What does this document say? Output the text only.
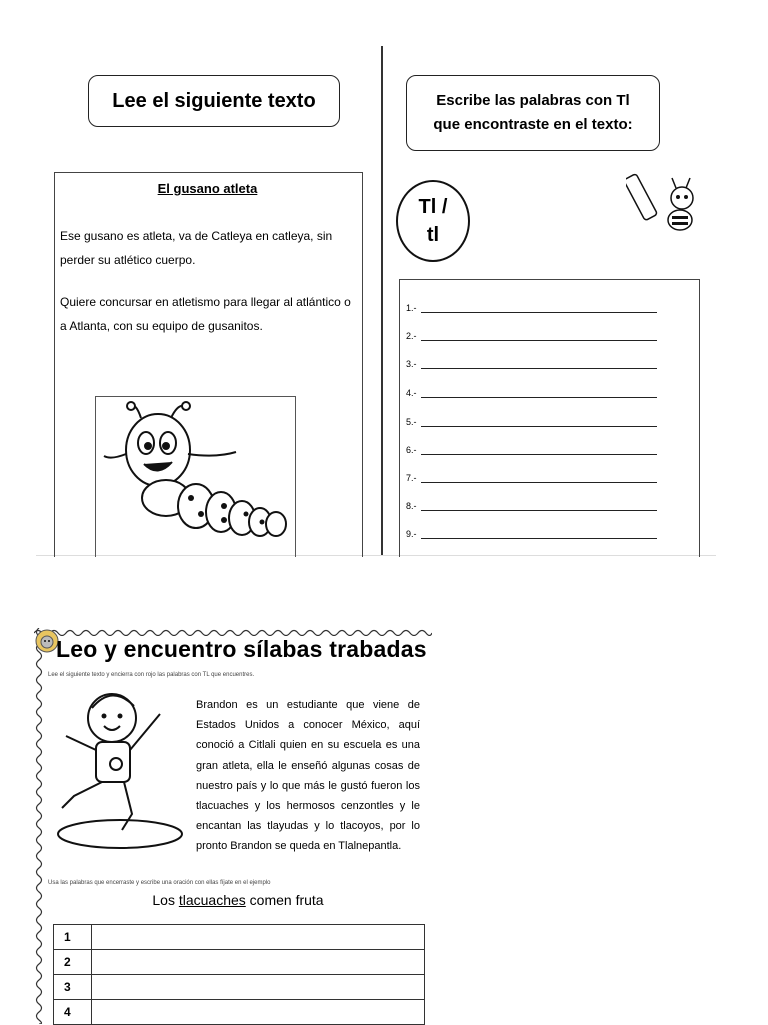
Lee el siguiente texto
El gusano atleta
Ese gusano es atleta, va de Catleya en catleya, sin perder su atlético cuerpo.
Quiere concursar en atletismo para llegar al atlántico o a Atlanta, con su equipo de gusanitos.
Escribe las palabras con Tl que encontraste en el texto:
Tl /
tl
1.-
2.-
3.-
4.-
5.-
6.-
7.-
8.-
9.-
Leo y encuentro sílabas trabadas
Lee el siguiente texto y encierra con rojo las palabras con TL que encuentres.
Brandon es un estudiante que viene de Estados Unidos a conocer México, aquí conoció a Citlali quien en su escuela es una gran atleta, ella le enseñó algunas cosas de nuestro país y lo que más le gustó fueron los tlacuaches y los hermosos cenzontles y le encantan las tlayudas y lo tlacoyos, por lo pronto Brandon se queda en Tlalnepantla.
Usa las palabras que encerraste y escribe una oración con ellas fíjate en el ejemplo
Los tlacuaches comen fruta
1	
2	
3	
4	
